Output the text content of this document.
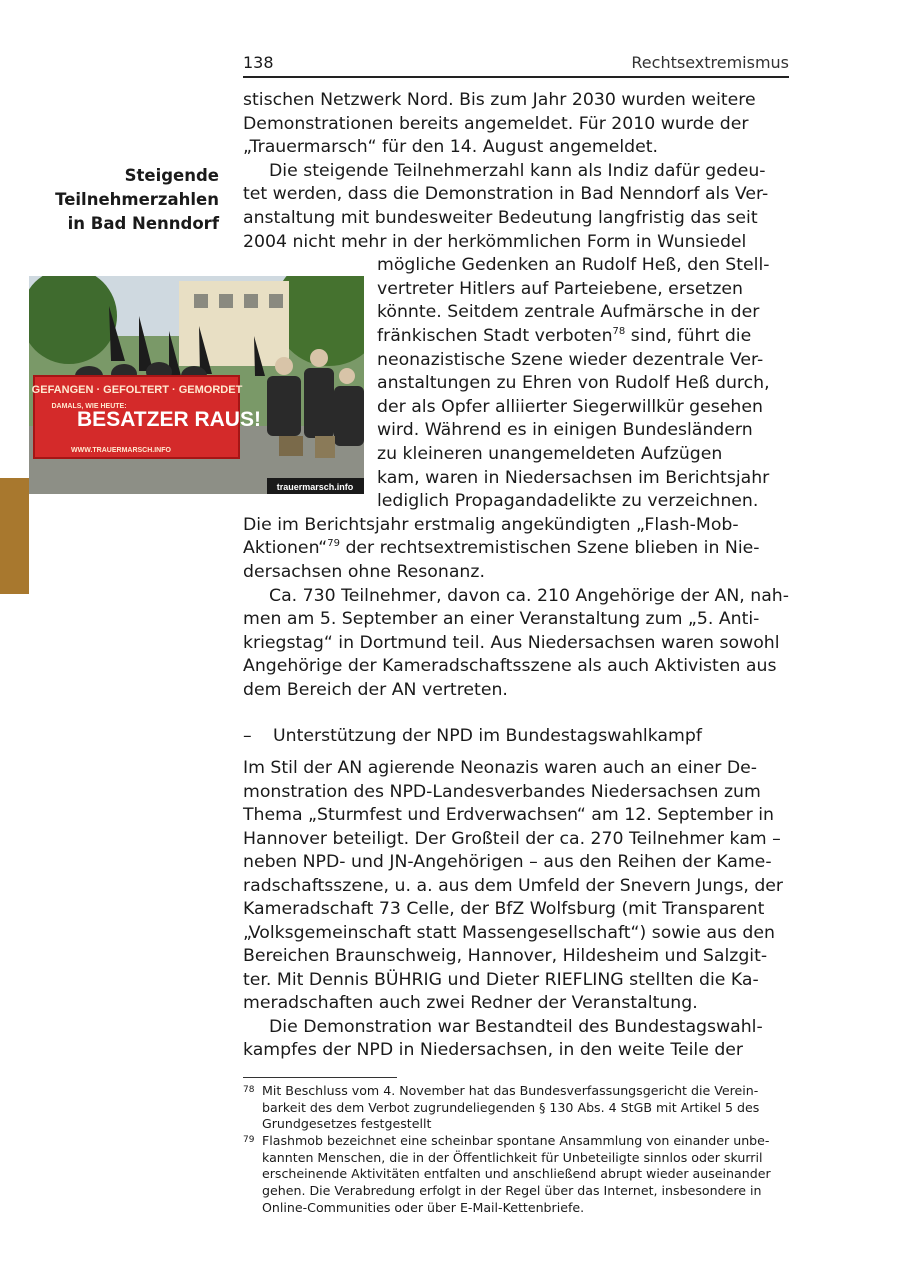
138	Rechtsextremismus
Steigende
Teilnehmerzahlen
in Bad Nenndorf
GEFANGEN · GEFOLTERT · GEMORDET
DAMALS, WIE HEUTE:
BESATZER RAUS!
WWW.TRAUERMARSCH.INFO
trauermarsch.info
stischen Netzwerk Nord. Bis zum Jahr 2030 wurden weitere
Demonstrationen bereits angemeldet. Für 2010 wurde der
„Trauermarsch“ für den 14. August angemeldet.
Die steigende Teilnehmerzahl kann als Indiz dafür gedeu-
tet werden, dass die Demonstration in Bad Nenndorf als Ver-
anstaltung mit bundesweiter Bedeutung langfristig das seit
2004 nicht mehr in der herkömmlichen Form in Wunsiedel
mögliche Gedenken an Rudolf Heß, den Stell-
vertreter Hitlers auf Parteiebene, ersetzen
könnte. Seitdem zentrale Aufmärsche in der
fränkischen Stadt verboten$^{78}$ sind, führt die
neonazistische Szene wieder dezentrale Ver-
anstaltungen zu Ehren von Rudolf Heß durch,
der als Opfer alliierter Siegerwillkür gesehen
wird. Während es in einigen Bundesländern
zu kleineren unangemeldeten Aufzügen
kam, waren in Niedersachsen im Berichtsjahr
lediglich Propagandadelikte zu verzeichnen.
Die im Berichtsjahr erstmalig angekündigten „Flash-Mob-
Aktionen“$^{79}$ der rechtsextremistischen Szene blieben in Nie-
dersachsen ohne Resonanz.
Ca. 730 Teilnehmer, davon ca. 210 Angehörige der AN, nah-
men am 5. September an einer Veranstaltung zum „5. Anti-
kriegstag“ in Dortmund teil. Aus Niedersachsen waren sowohl
Angehörige der Kameradschaftsszene als auch Aktivisten aus
dem Bereich der AN vertreten.
– Unterstützung der NPD im Bundestagswahlkampf
Im Stil der AN agierende Neonazis waren auch an einer De-
monstration des NPD-Landesverbandes Niedersachsen zum
Thema „Sturmfest und Erdverwachsen“ am 12. September in
Hannover beteiligt. Der Großteil der ca. 270 Teilnehmer kam –
neben NPD- und JN-Angehörigen – aus den Reihen der Kame-
radschaftsszene, u. a. aus dem Umfeld der Snevern Jungs, der
Kameradschaft 73 Celle, der BfZ Wolfsburg (mit Transparent
„Volksgemeinschaft statt Massengesellschaft“) sowie aus den
Bereichen Braunschweig, Hannover, Hildesheim und Salzgit-
ter. Mit Dennis BÜHRIG und Dieter RIEFLING stellten die Ka-
meradschaften auch zwei Redner der Veranstaltung.
Die Demonstration war Bestandteil des Bundestagswahl-
kampfes der NPD in Niedersachsen, in den weite Teile der
78 Mit Beschluss vom 4. November hat das Bundesverfassungsgericht die Verein-
barkeit des dem Verbot zugrundeliegenden § 130 Abs. 4 StGB mit Artikel 5 des
Grundgesetzes festgestellt
79 Flashmob bezeichnet eine scheinbar spontane Ansammlung von einander unbe-
kannten Menschen, die in der Öffentlichkeit für Unbeteiligte sinnlos oder skurril
erscheinende Aktivitäten entfalten und anschließend abrupt wieder auseinander
gehen. Die Verabredung erfolgt in der Regel über das Internet, insbesondere in
Online-Communities oder über E-Mail-Kettenbriefe.
